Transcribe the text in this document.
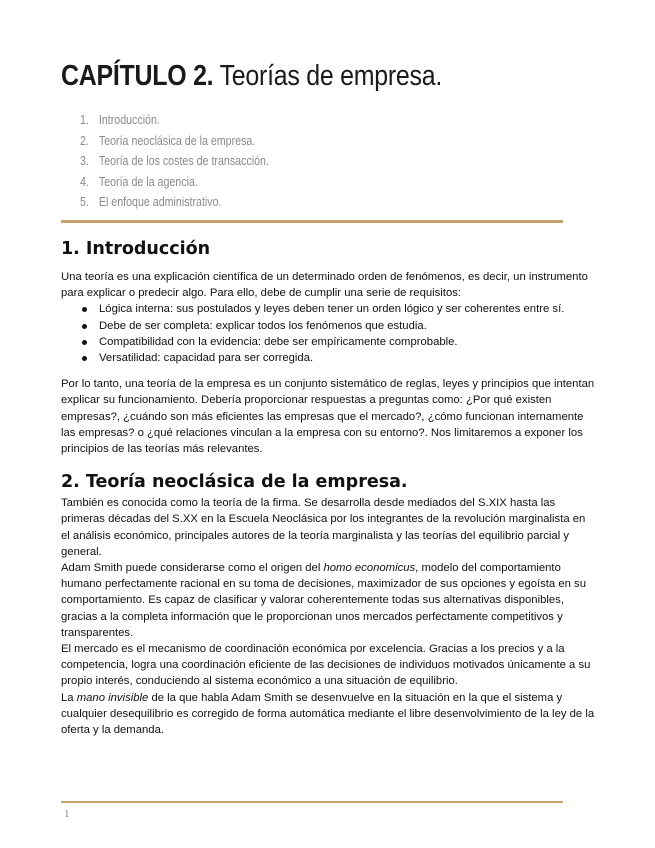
CAPÍTULO 2. Teorías de empresa.
1. Introducción.
2. Teoría neoclásica de la empresa.
3. Teoría de los costes de transacción.
4. Teoría de la agencia.
5. El enfoque administrativo.
1. Introducción

Una teoría es una explicación científica de un determinado orden de fenómenos, es decir, un instrumento para explicar o predecir algo. Para ello, debe de cumplir una serie de requisitos:

Lógica interna: sus postulados y leyes deben tener un orden lógico y ser coherentes entre sí.
Debe de ser completa: explicar todos los fenómenos que estudia.
Compatibilidad con la evidencia: debe ser empíricamente comprobable.
Versatilidad: capacidad para ser corregida.

Por lo tanto, una teoría de la empresa es un conjunto sistemático de reglas, leyes y principios que intentan explicar su funcionamiento. Debería proporcionar respuestas a preguntas como: ¿Por qué existen empresas?, ¿cuándo son más eficientes las empresas que el mercado?, ¿cómo funcionan internamente las empresas? o ¿qué relaciones vinculan a la empresa con su entorno?. Nos limitaremos a exponer los principios de las teorías más relevantes.

2. Teoría neoclásica de la empresa.

También es conocida como la teoría de la firma. Se desarrolla desde mediados del S.XIX hasta las primeras décadas del S.XX en la Escuela Neoclásica por los integrantes de la revolución marginalista en el análisis económico, principales autores de la teoría marginalista y las teorías del equilibrio parcial y general.

Adam Smith puede considerarse como el origen del homo economicus, modelo del comportamiento humano perfectamente racional en su toma de decisiones, maximizador de sus opciones y egoísta en su comportamiento. Es capaz de clasificar y valorar coherentemente todas sus alternativas disponibles, gracias a la completa información que le proporcionan unos mercados perfectamente competitivos y transparentes.

El mercado es el mecanismo de coordinación económica por excelencia. Gracias a los precios y a la competencia, logra una coordinación eficiente de las decisiones de individuos motivados únicamente a su propio interés, conduciendo al sistema económico a una situación de equilibrio.

La mano invisible de la que habla Adam Smith se desenvuelve en la situación en la que el sistema y cualquier desequilibrio es corregido de forma automática mediante el libre desenvolvimiento de la ley de la oferta y la demanda.

1
